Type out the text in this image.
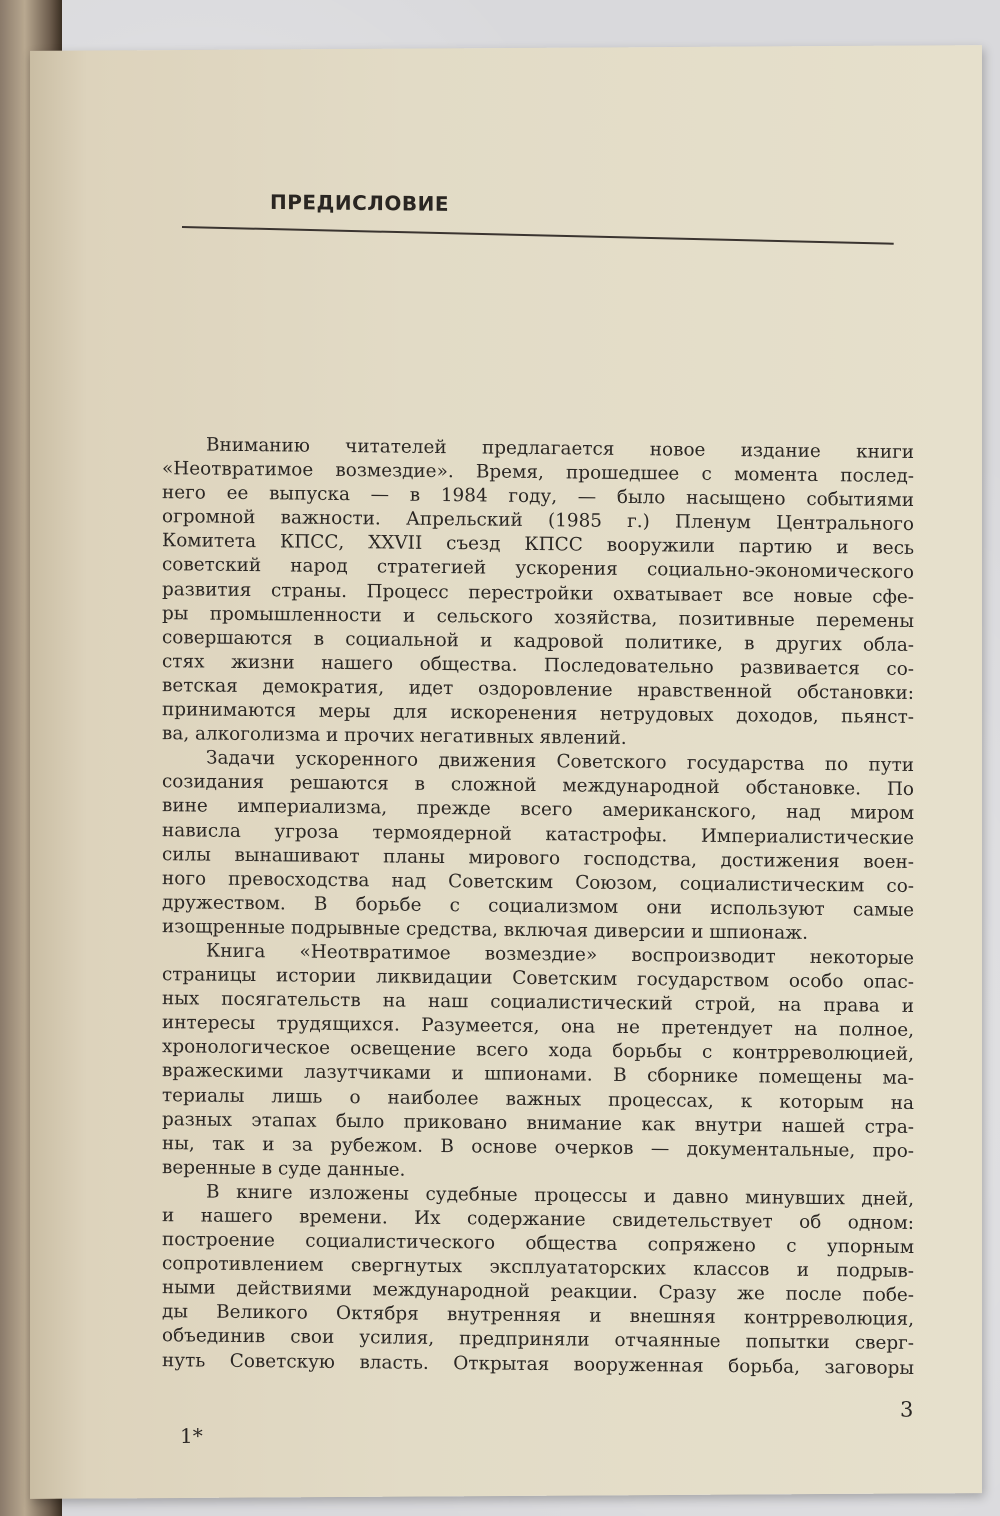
ПРЕДИСЛОВИЕ
Вниманию читателей предлагается новое издание книги
«Неотвратимое возмездие». Время, прошедшее с момента послед-
него ее выпуска — в 1984 году, — было насыщено событиями
огромной важности. Апрельский (1985 г.) Пленум Центрального
Комитета КПСС, XXVII съезд КПСС вооружили партию и весь
советский народ стратегией ускорения социально-экономического
развития страны. Процесс перестройки охватывает все новые сфе-
ры промышленности и сельского хозяйства, позитивные перемены
совершаются в социальной и кадровой политике, в других обла-
стях жизни нашего общества. Последовательно развивается со-
ветская демократия, идет оздоровление нравственной обстановки:
принимаются меры для искоренения нетрудовых доходов, пьянст-
ва, алкоголизма и прочих негативных явлений.
Задачи ускоренного движения Советского государства по пути
созидания решаются в сложной международной обстановке. По
вине империализма, прежде всего американского, над миром
нависла угроза термоядерной катастрофы. Империалистические
силы вынашивают планы мирового господства, достижения воен-
ного превосходства над Советским Союзом, социалистическим со-
дружеством. В борьбе с социализмом они используют самые
изощренные подрывные средства, включая диверсии и шпионаж.
Книга «Неотвратимое возмездие» воспроизводит некоторые
страницы истории ликвидации Советским государством особо опас-
ных посягательств на наш социалистический строй, на права и
интересы трудящихся. Разумеется, она не претендует на полное,
хронологическое освещение всего хода борьбы с контрреволюцией,
вражескими лазутчиками и шпионами. В сборнике помещены ма-
териалы лишь о наиболее важных процессах, к которым на
разных этапах было приковано внимание как внутри нашей стра-
ны, так и за рубежом. В основе очерков — документальные, про-
веренные в суде данные.
В книге изложены судебные процессы и давно минувших дней,
и нашего времени. Их содержание свидетельствует об одном:
построение социалистического общества сопряжено с упорным
сопротивлением свергнутых эксплуататорских классов и подрыв-
ными действиями международной реакции. Сразу же после побе-
ды Великого Октября внутренняя и внешняя контрреволюция,
объединив свои усилия, предприняли отчаянные попытки сверг-
нуть Советскую власть. Открытая вооруженная борьба, заговоры
3
1*
